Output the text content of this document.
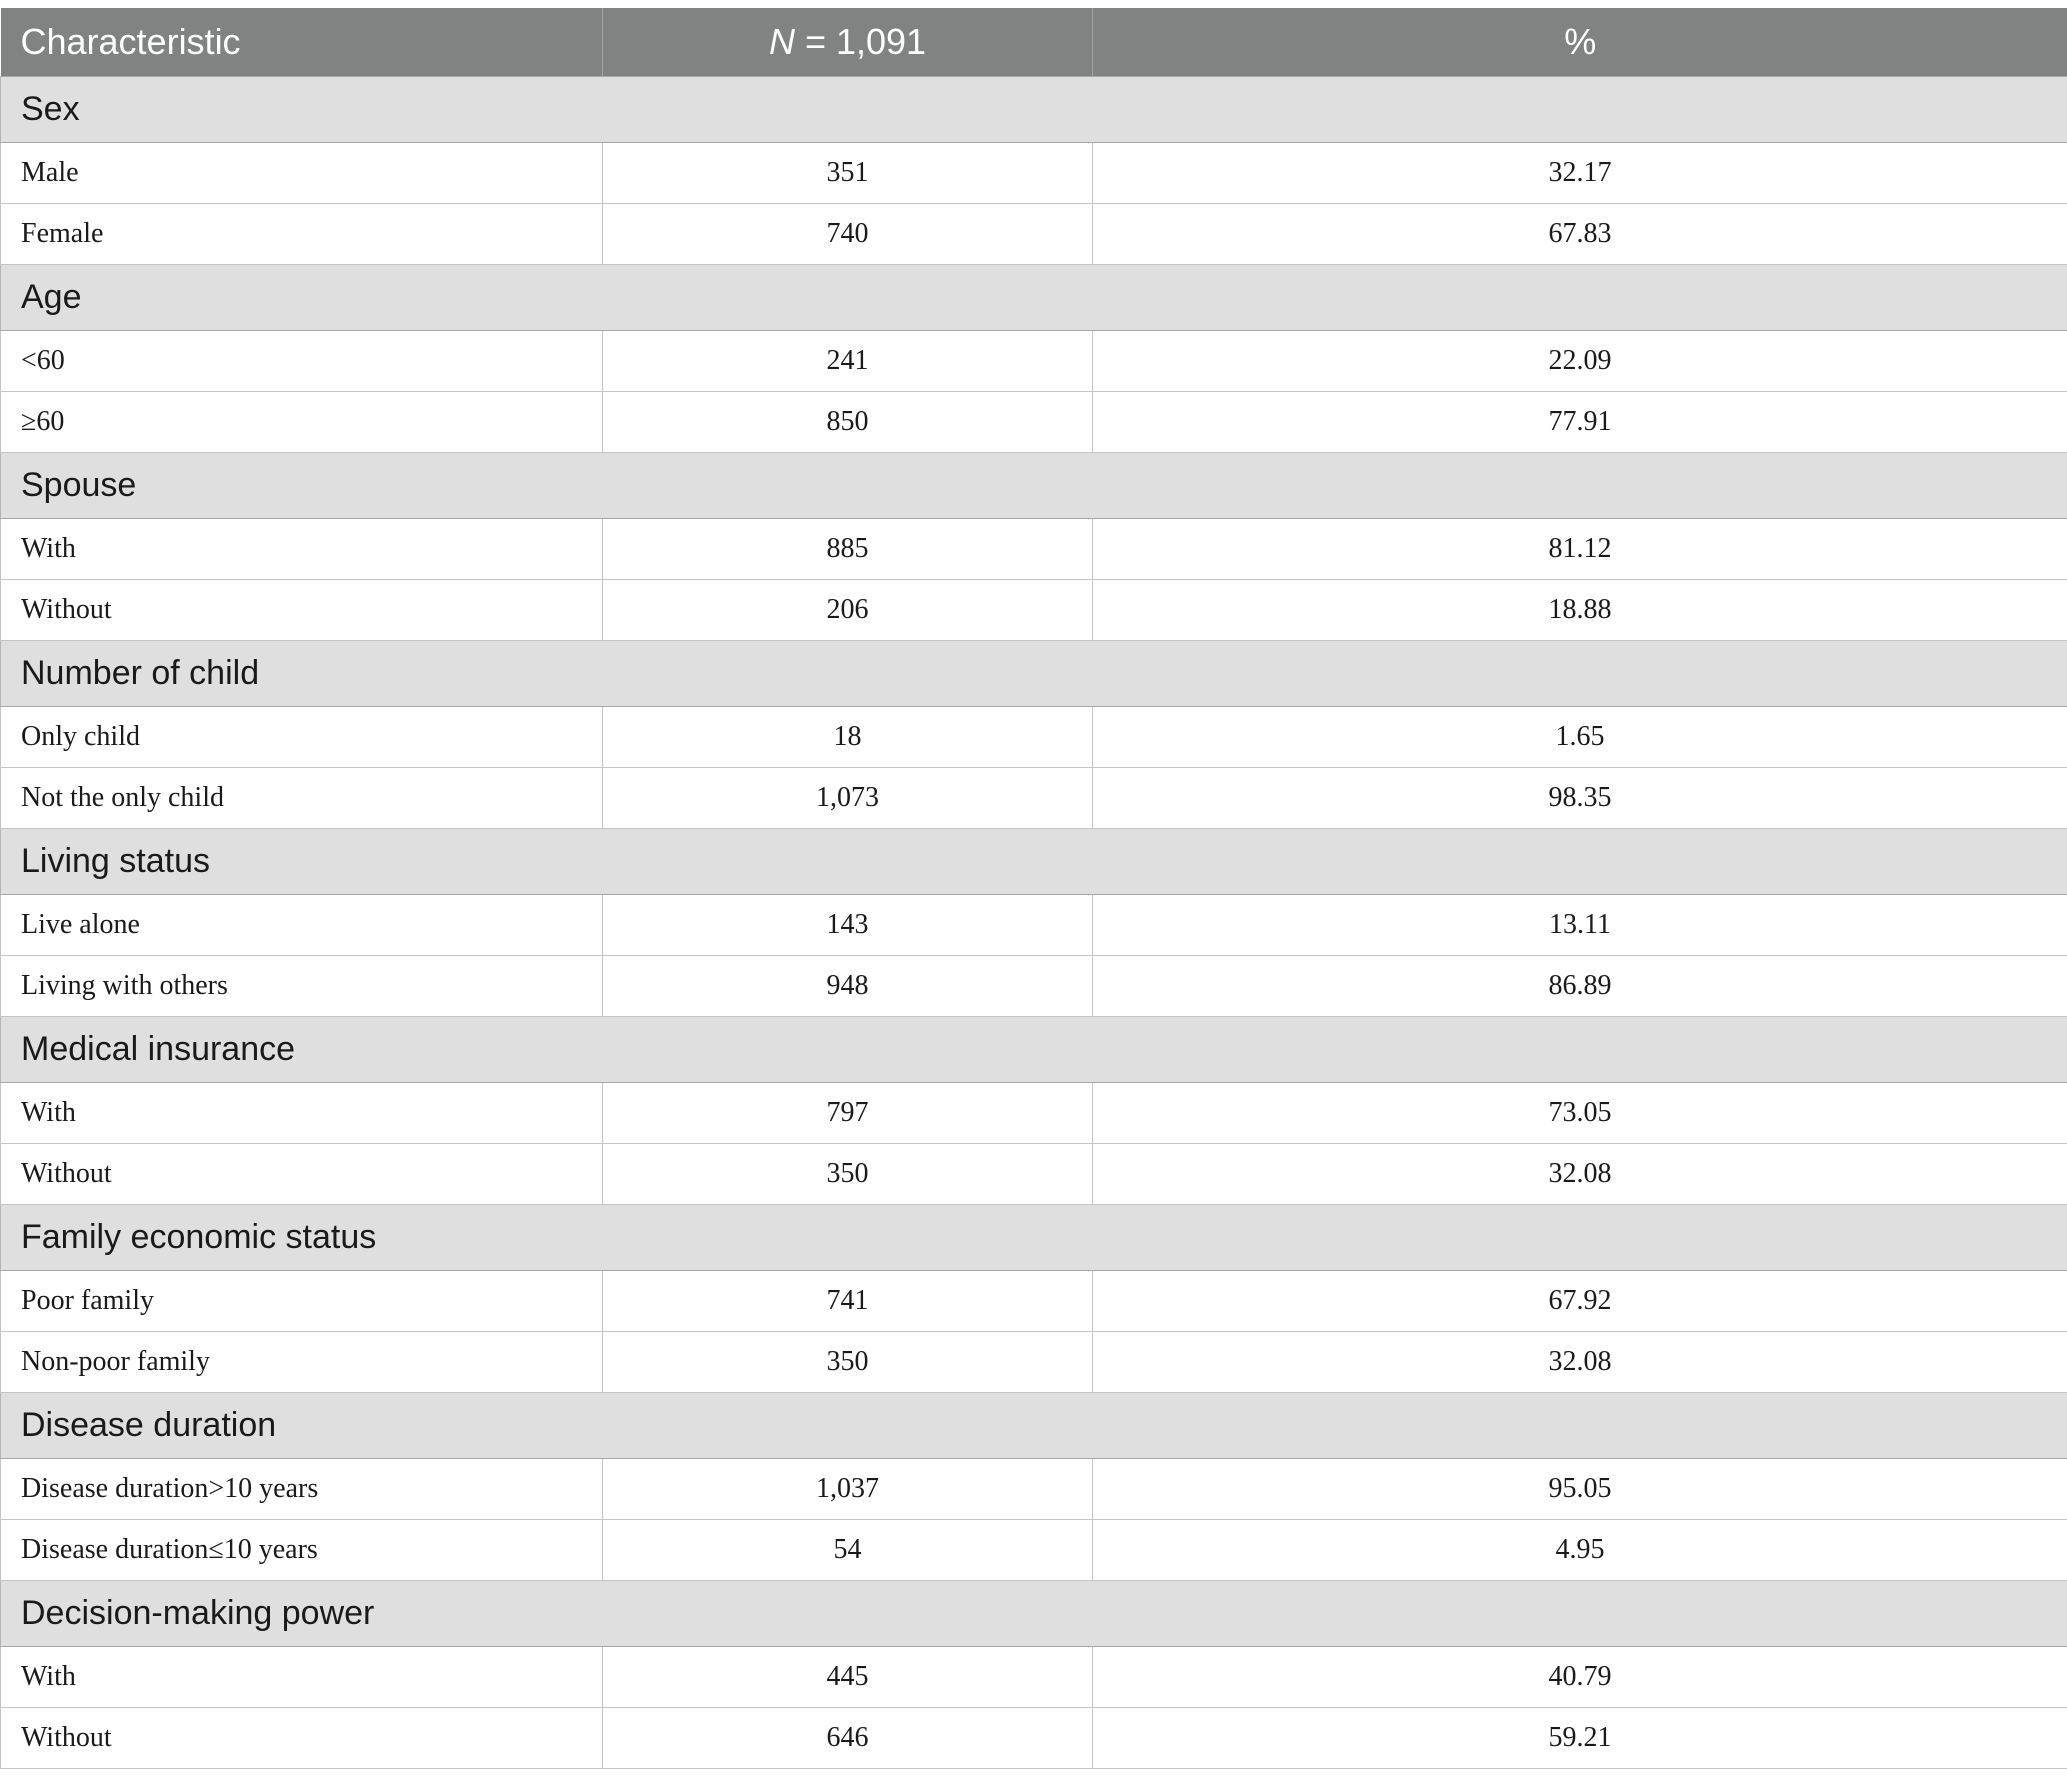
Characteristic	N = 1,091	%
Sex		
Male	351	32.17
Female	740	67.83
Age		
<60	241	22.09
≥60	850	77.91
Spouse		
With	885	81.12
Without	206	18.88
Number of child		
Only child	18	1.65
Not the only child	1,073	98.35
Living status		
Live alone	143	13.11
Living with others	948	86.89
Medical insurance		
With	797	73.05
Without	350	32.08
Family economic status		
Poor family	741	67.92
Non-poor family	350	32.08
Disease duration		
Disease duration>10 years	1,037	95.05
Disease duration≤10 years	54	4.95
Decision-making power		
With	445	40.79
Without	646	59.21
